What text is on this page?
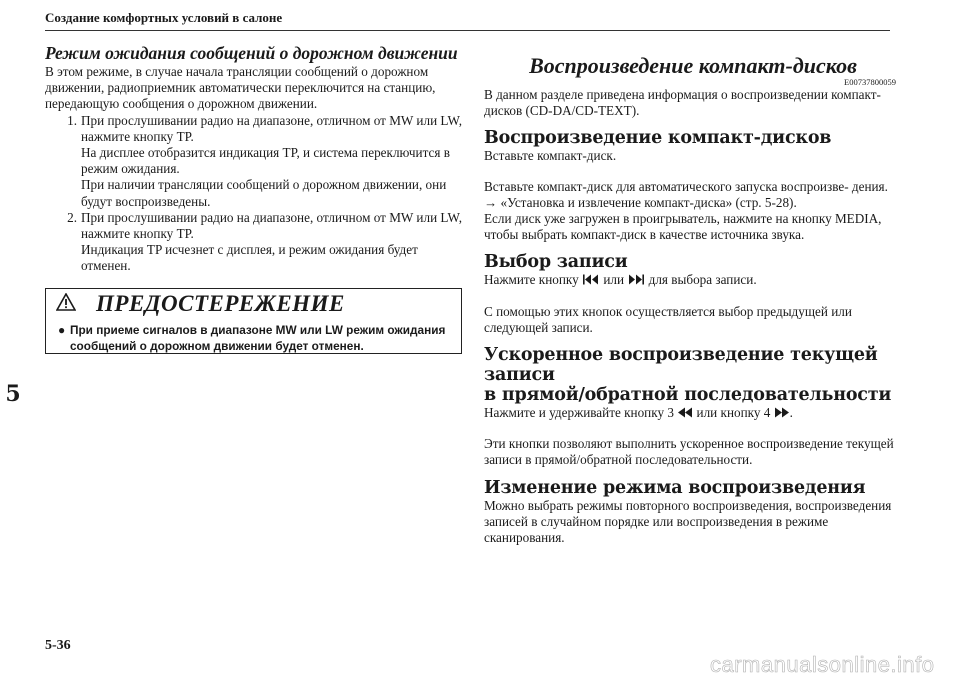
Создание комфортных условий в салоне
Режим ожидания сообщений о дорожном движении

В этом режиме, в случае начала трансляции сообщений о дорожном движении, радиоприемник автоматически переключится на станцию, передающую сообщения о дорожном движении.

1. При прослушивании радио на диапазоне, отличном от MW или LW, нажмите кнопку TP.

На дисплее отобразится индикация TP, и система переключится в режим ожидания.

При наличии трансляции сообщений о дорожном движении, они будут воспроизведены.

2. При прослушивании радио на диапазоне, отличном от MW или LW, нажмите кнопку TP.

Индикация TP исчезнет с дисплея, и режим ожидания будет отменен.

ПРЕДОСТЕРЕЖЕНИЕ
● При приеме сигналов в диапазоне MW или LW режим ожидания сообщений о дорожном движении будет отменен.
Воспроизведение компакт-дисков
E00737800059

В данном разделе приведена информация о воспроизведении компакт-дисков (CD-DA/CD-TEXT).

Воспроизведение компакт-дисков

Вставьте компакт-диск.

Вставьте компакт-диск для автоматического запуска воспроизве- дения. → «Установка и извлечение компакт-диска» (стр. 5-28).

Если диск уже загружен в проигрыватель, нажмите на кнопку MEDIA, чтобы выбрать компакт-диск в качестве источника звука.

Выбор записи

Нажмите кнопку или для выбора записи.

С помощью этих кнопок осуществляется выбор предыдущей или следующей записи.

Ускоренное воспроизведение текущей записи
в прямой/обратной последовательности

Нажмите и удерживайте кнопку 3 или кнопку 4 .

Эти кнопки позволяют выполнить ускоренное воспроизведение текущей записи в прямой/обратной последовательности.

Изменение режима воспроизведения

Можно выбрать режимы повторного воспроизведения, воспроизведения записей в случайном порядке или воспроизведения в режиме сканирования.

5
5-36
carmanualsonline.info
